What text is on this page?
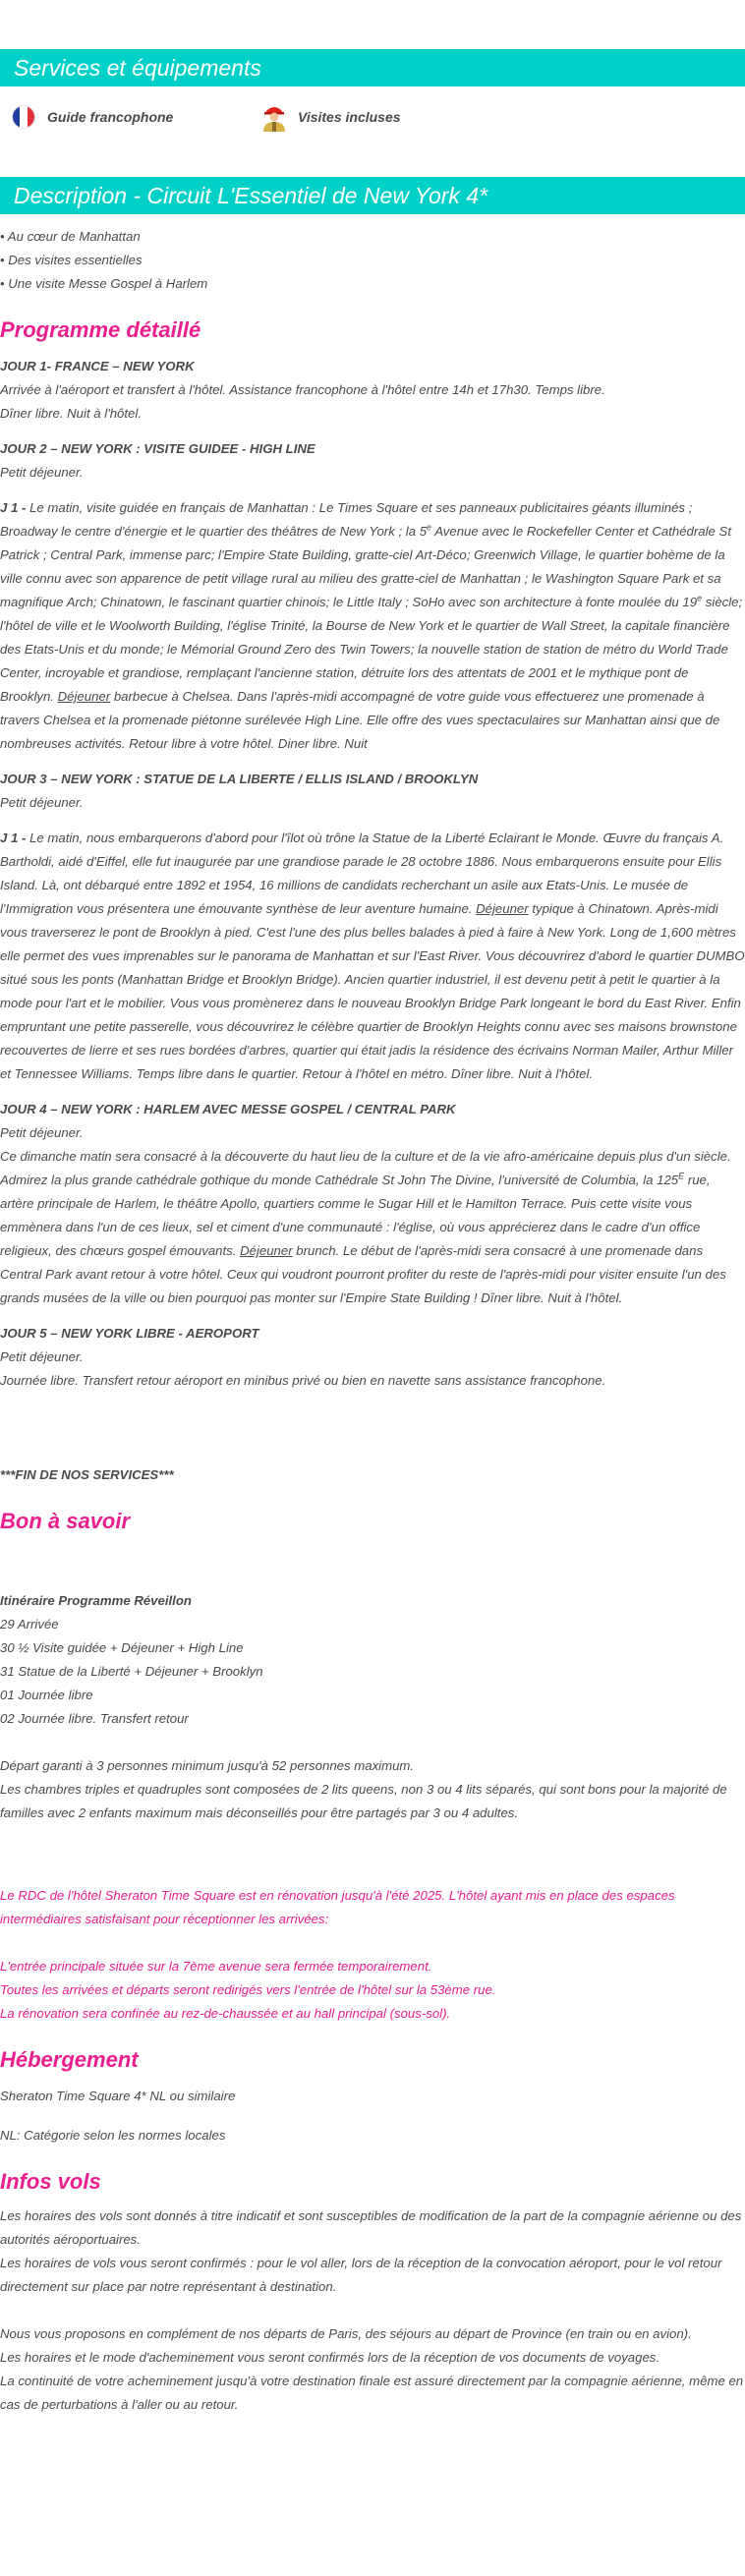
Services et équipements
Guide francophone	Visites incluses
Description - Circuit L'Essentiel de New York 4*

• Au cœur de Manhattan

• Des visites essentielles

• Une visite Messe Gospel à Harlem

Programme détaillé

JOUR 1- FRANCE – NEW YORK

Arrivée à l'aéroport et transfert à l'hôtel. Assistance francophone à l'hôtel entre 14h et 17h30. Temps libre.

Dîner libre. Nuit à l'hôtel.

JOUR 2 – NEW YORK : VISITE GUIDEE - HIGH LINE

Petit déjeuner.

J 1 - Le matin, visite guidée en français de Manhattan : Le Times Square et ses panneaux publicitaires géants illuminés ; Broadway le centre d'énergie et le quartier des théâtres de New York ; la 5e Avenue avec le Rockefeller Center et Cathédrale St Patrick ; Central Park, immense parc; l'Empire State Building, gratte-ciel Art-Déco; Greenwich Village, le quartier bohème de la ville connu avec son apparence de petit village rural au milieu des gratte-ciel de Manhattan ; le Washington Square Park et sa magnifique Arch; Chinatown, le fascinant quartier chinois; le Little Italy ; SoHo avec son architecture à fonte moulée du 19e siècle; l'hôtel de ville et le Woolworth Building, l'église Trinité, la Bourse de New York et le quartier de Wall Street, la capitale financière des Etats-Unis et du monde; le Mémorial Ground Zero des Twin Towers; la nouvelle station de station de métro du World Trade Center, incroyable et grandiose, remplaçant l'ancienne station, détruite lors des attentats de 2001 et le mythique pont de Brooklyn. Déjeuner barbecue à Chelsea. Dans l'après-midi accompagné de votre guide vous effectuerez une promenade à travers Chelsea et la promenade piétonne surélevée High Line. Elle offre des vues spectaculaires sur Manhattan ainsi que de nombreuses activités. Retour libre à votre hôtel. Diner libre. Nuit

JOUR 3 – NEW YORK : STATUE DE LA LIBERTE / ELLIS ISLAND / BROOKLYN

Petit déjeuner.

J 1 - Le matin, nous embarquerons d'abord pour l'îlot où trône la Statue de la Liberté Eclairant le Monde. Œuvre du français A. Bartholdi, aidé d'Eiffel, elle fut inaugurée par une grandiose parade le 28 octobre 1886. Nous embarquerons ensuite pour Ellis Island. Là, ont débarqué entre 1892 et 1954, 16 millions de candidats recherchant un asile aux Etats-Unis. Le musée de l'Immigration vous présentera une émouvante synthèse de leur aventure humaine. Déjeuner typique à Chinatown. Après-midi vous traverserez le pont de Brooklyn à pied. C'est l'une des plus belles balades à pied à faire à New York. Long de 1,600 mètres elle permet des vues imprenables sur le panorama de Manhattan et sur l'East River. Vous découvrirez d'abord le quartier DUMBO situé sous les ponts (Manhattan Bridge et Brooklyn Bridge). Ancien quartier industriel, il est devenu petit à petit le quartier à la mode pour l'art et le mobilier. Vous vous promènerez dans le nouveau Brooklyn Bridge Park longeant le bord du East River. Enfin empruntant une petite passerelle, vous découvrirez le célèbre quartier de Brooklyn Heights connu avec ses maisons brownstone recouvertes de lierre et ses rues bordées d'arbres, quartier qui était jadis la résidence des écrivains Norman Mailer, Arthur Miller et Tennessee Williams. Temps libre dans le quartier. Retour à l'hôtel en métro. Dîner libre. Nuit à l'hôtel.

JOUR 4 – NEW YORK : HARLEM AVEC MESSE GOSPEL / CENTRAL PARK

Petit déjeuner.

Ce dimanche matin sera consacré à la découverte du haut lieu de la culture et de la vie afro-américaine depuis plus d'un siècle. Admirez la plus grande cathédrale gothique du monde Cathédrale St John The Divine, l'université de Columbia, la $125^E$ rue, artère principale de Harlem, le théâtre Apollo, quartiers comme le Sugar Hill et le Hamilton Terrace. Puis cette visite vous emmènera dans l'un de ces lieux, sel et ciment d'une communauté : l'église, où vous apprécierez dans le cadre d'un office religieux, des chœurs gospel émouvants. Déjeuner brunch. Le début de l'après-midi sera consacré à une promenade dans Central Park avant retour à votre hôtel. Ceux qui voudront pourront profiter du reste de l'après-midi pour visiter ensuite l'un des grands musées de la ville ou bien pourquoi pas monter sur l'Empire State Building ! Dîner libre. Nuit à l'hôtel.

JOUR 5 – NEW YORK LIBRE - AEROPORT

Petit déjeuner.

Journée libre. Transfert retour aéroport en minibus privé ou bien en navette sans assistance francophone.

***FIN DE NOS SERVICES***

Bon à savoir

Itinéraire Programme Réveillon

29 Arrivée

30 ½ Visite guidée + Déjeuner + High Line

31 Statue de la Liberté + Déjeuner + Brooklyn

01 Journée libre

02 Journée libre. Transfert retour

Départ garanti à 3 personnes minimum jusqu'à 52 personnes maximum.

Les chambres triples et quadruples sont composées de 2 lits queens, non 3 ou 4 lits séparés, qui sont bons pour la majorité de familles avec 2 enfants maximum mais déconseillés pour être partagés par 3 ou 4 adultes.

Le RDC de l'hôtel Sheraton Time Square est en rénovation jusqu'à l'été 2025. L'hôtel ayant mis en place des espaces intermédiaires satisfaisant pour réceptionner les arrivées:

L'entrée principale située sur la 7ème avenue sera fermée temporairement.

Toutes les arrivées et départs seront redirigés vers l'entrée de l'hôtel sur la 53ème rue.

La rénovation sera confinée au rez-de-chaussée et au hall principal (sous-sol).

Hébergement

Sheraton Time Square 4* NL ou similaire

NL: Catégorie selon les normes locales

Infos vols

Les horaires des vols sont donnés à titre indicatif et sont susceptibles de modification de la part de la compagnie aérienne ou des autorités aéroportuaires.

Les horaires de vols vous seront confirmés : pour le vol aller, lors de la réception de la convocation aéroport, pour le vol retour directement sur place par notre représentant à destination.

Nous vous proposons en complément de nos départs de Paris, des séjours au départ de Province (en train ou en avion).

Les horaires et le mode d'acheminement vous seront confirmés lors de la réception de vos documents de voyages.

La continuité de votre acheminement jusqu'à votre destination finale est assuré directement par la compagnie aérienne, même en cas de perturbations à l'aller ou au retour.
